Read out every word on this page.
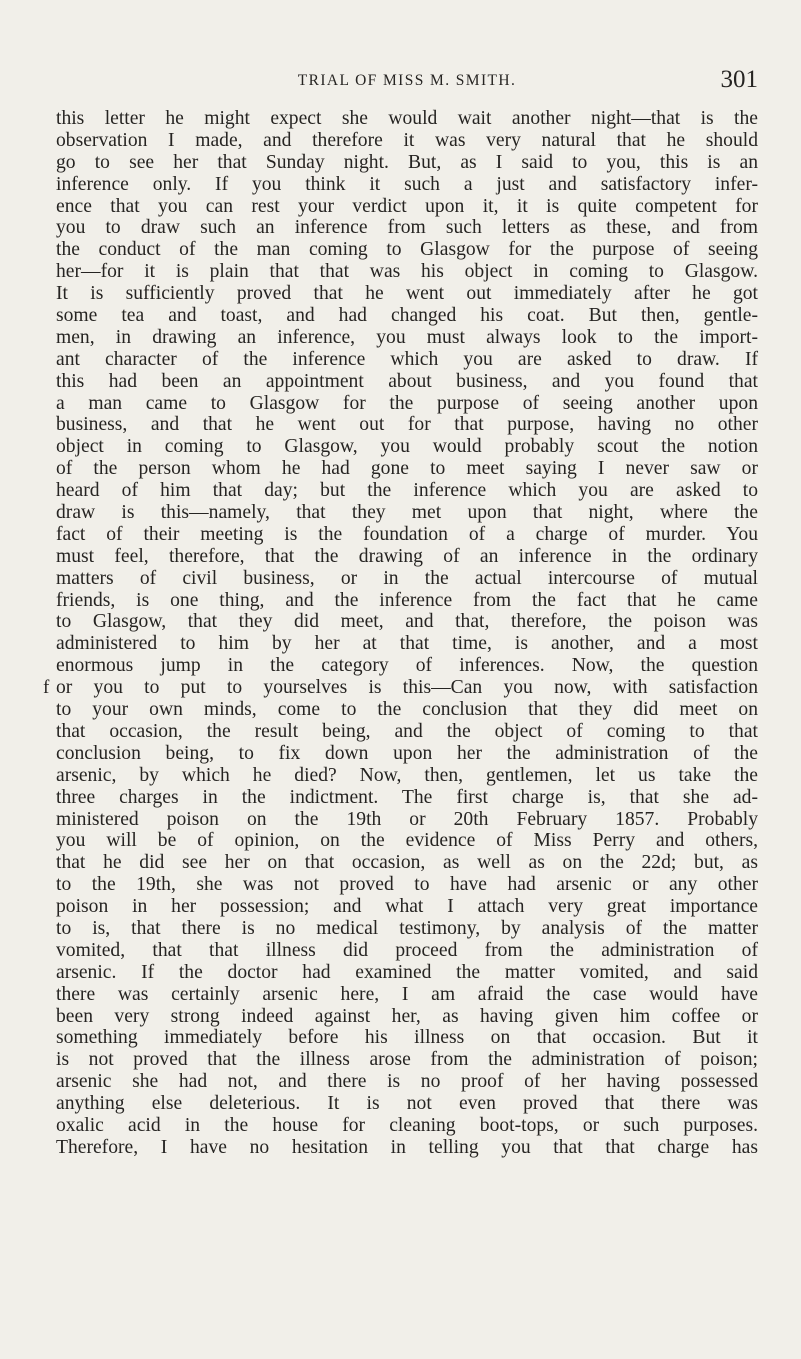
TRIAL OF MISS M. SMITH.	301
this letter he might expect she would wait another night—that is the
observation I made, and therefore it was very natural that he should
go to see her that Sunday night. But, as I said to you, this is an
inference only. If you think it such a just and satisfactory infer-
ence that you can rest your verdict upon it, it is quite competent for
you to draw such an inference from such letters as these, and from
the conduct of the man coming to Glasgow for the purpose of seeing
her—for it is plain that that was his object in coming to Glasgow.
It is sufficiently proved that he went out immediately after he got
some tea and toast, and had changed his coat. But then, gentle-
men, in drawing an inference, you must always look to the import-
ant character of the inference which you are asked to draw. If
this had been an appointment about business, and you found that
a man came to Glasgow for the purpose of seeing another upon
business, and that he went out for that purpose, having no other
object in coming to Glasgow, you would probably scout the notion
of the person whom he had gone to meet saying I never saw or
heard of him that day; but the inference which you are asked to
draw is this—namely, that they met upon that night, where the
fact of their meeting is the foundation of a charge of murder. You
must feel, therefore, that the drawing of an inference in the ordinary
matters of civil business, or in the actual intercourse of mutual
friends, is one thing, and the inference from the fact that he came
to Glasgow, that they did meet, and that, therefore, the poison was
administered to him by her at that time, is another, and a most
enormous jump in the category of inferences. Now, the question
f or you to put to yourselves is this—Can you now, with satisfaction
to your own minds, come to the conclusion that they did meet on
that occasion, the result being, and the object of coming to that
conclusion being, to fix down upon her the administration of the
arsenic, by which he died? Now, then, gentlemen, let us take the
three charges in the indictment. The first charge is, that she ad-
ministered poison on the 19th or 20th February 1857. Probably
you will be of opinion, on the evidence of Miss Perry and others,
that he did see her on that occasion, as well as on the 22d; but, as
to the 19th, she was not proved to have had arsenic or any other
poison in her possession; and what I attach very great importance
to is, that there is no medical testimony, by analysis of the matter
vomited, that that illness did proceed from the administration of
arsenic. If the doctor had examined the matter vomited, and said
there was certainly arsenic here, I am afraid the case would have
been very strong indeed against her, as having given him coffee or
something immediately before his illness on that occasion. But it
is not proved that the illness arose from the administration of poison;
arsenic she had not, and there is no proof of her having possessed
anything else deleterious. It is not even proved that there was
oxalic acid in the house for cleaning boot-tops, or such purposes.
Therefore, I have no hesitation in telling you that that charge has
